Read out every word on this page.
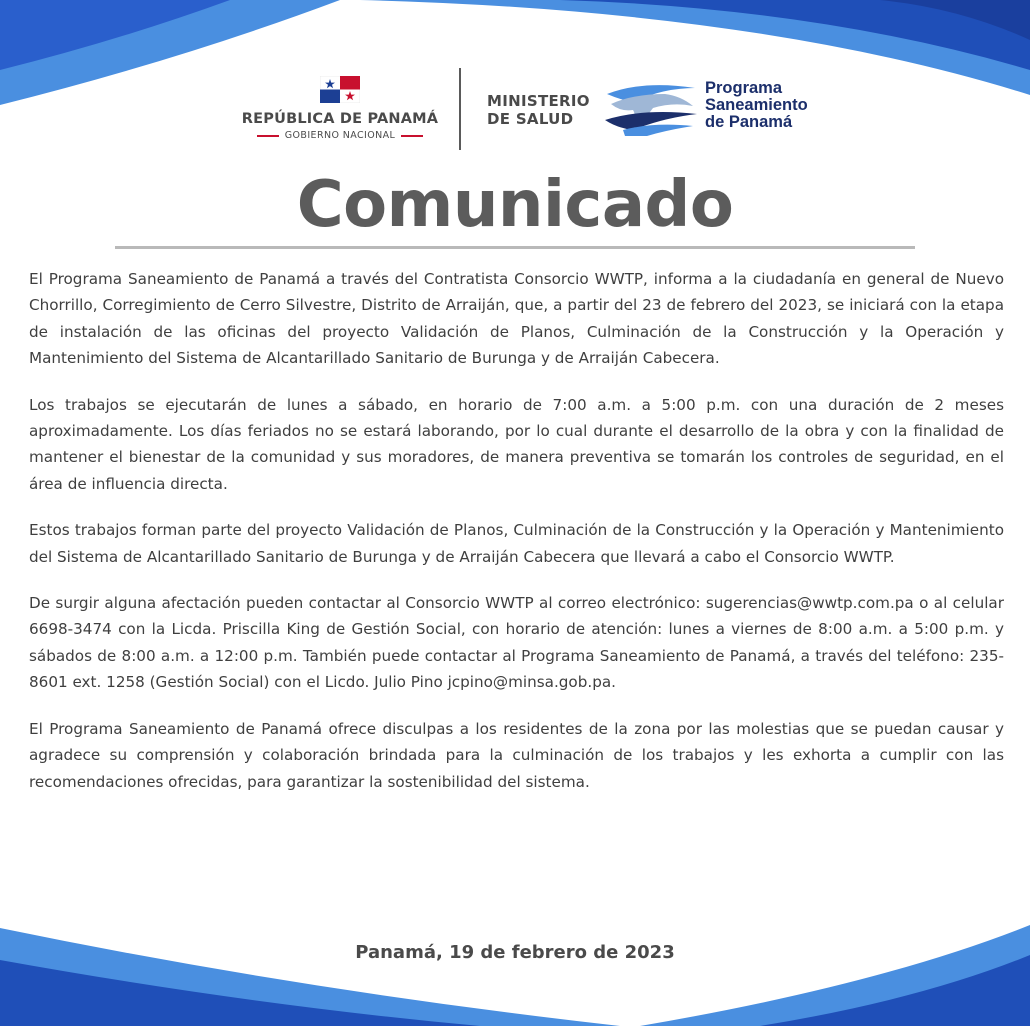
REPÚBLICA DE PANAMÁ
GOBIERNO NACIONAL
MINISTERIO
DE SALUD
Programa
Saneamiento
de Panamá
Comunicado

El Programa Saneamiento de Panamá a través del Contratista Consorcio WWTP, informa a la ciudadanía en general de Nuevo Chorrillo, Corregimiento de Cerro Silvestre, Distrito de Arraiján, que, a partir del 23 de febrero del 2023, se iniciará con la etapa de instalación de las oficinas del proyecto Validación de Planos, Culminación de la Construcción y la Operación y Mantenimiento del Sistema de Alcantarillado Sanitario de Burunga y de Arraiján Cabecera.

Los trabajos se ejecutarán de lunes a sábado, en horario de 7:00 a.m. a 5:00 p.m. con una duración de 2 meses aproximadamente. Los días feriados no se estará laborando, por lo cual durante el desarrollo de la obra y con la finalidad de mantener el bienestar de la comunidad y sus moradores, de manera preventiva se tomarán los controles de seguridad, en el área de influencia directa.

Estos trabajos forman parte del proyecto Validación de Planos, Culminación de la Construcción y la Operación y Mantenimiento del Sistema de Alcantarillado Sanitario de Burunga y de Arraiján Cabecera que llevará a cabo el Consorcio WWTP.

De surgir alguna afectación pueden contactar al Consorcio WWTP al correo electrónico: sugerencias@wwtp.com.pa o al celular 6698-3474 con la Licda. Priscilla King de Gestión Social, con horario de atención: lunes a viernes de 8:00 a.m. a 5:00 p.m. y sábados de 8:00 a.m. a 12:00 p.m. También puede contactar al Programa Saneamiento de Panamá, a través del teléfono: 235-8601 ext. 1258 (Gestión Social) con el Licdo. Julio Pino jcpino@minsa.gob.pa.

El Programa Saneamiento de Panamá ofrece disculpas a los residentes de la zona por las molestias que se puedan causar y agradece su comprensión y colaboración brindada para la culminación de los trabajos y les exhorta a cumplir con las recomendaciones ofrecidas, para garantizar la sostenibilidad del sistema.

Panamá, 19 de febrero de 2023
